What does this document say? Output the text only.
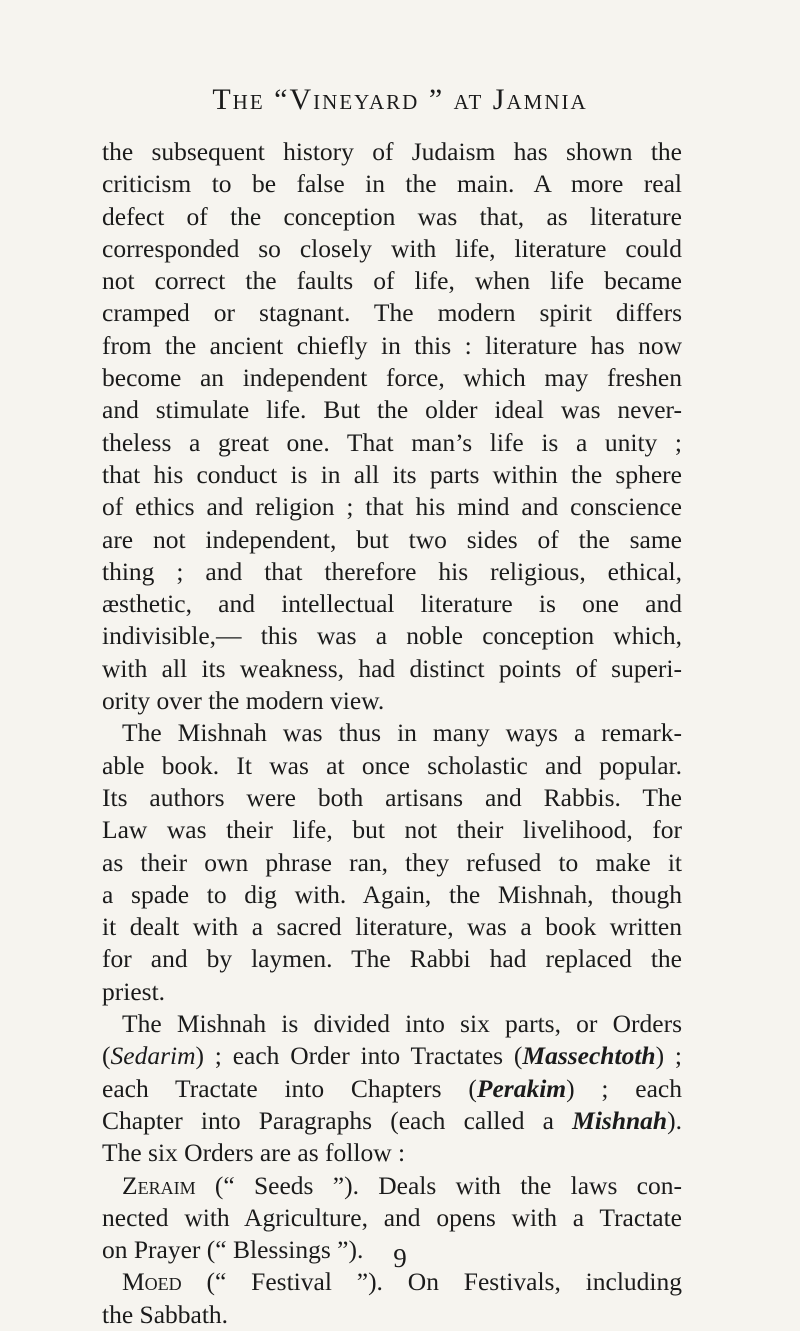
The “Vineyard ” at Jamnia
the subsequent history of Judaism has shown the
criticism to be false in the main. A more real
defect of the conception was that, as literature
corresponded so closely with life, literature could
not correct the faults of life, when life became
cramped or stagnant. The modern spirit differs
from the ancient chiefly in this : literature has now
become an independent force, which may freshen
and stimulate life. But the older ideal was never-
theless a great one. That man’s life is a unity ;
that his conduct is in all its parts within the sphere
of ethics and religion ; that his mind and conscience
are not independent, but two sides of the same
thing ; and that therefore his religious, ethical,
æsthetic, and intellectual literature is one and
indivisible,— this was a noble conception which,
with all its weakness, had distinct points of superi-
ority over the modern view.
The Mishnah was thus in many ways a remark-
able book. It was at once scholastic and popular.
Its authors were both artisans and Rabbis. The
Law was their life, but not their livelihood, for
as their own phrase ran, they refused to make it
a spade to dig with. Again, the Mishnah, though
it dealt with a sacred literature, was a book written
for and by laymen. The Rabbi had replaced the
priest.
The Mishnah is divided into six parts, or Orders
(Sedarim) ; each Order into Tractates (Massechtoth) ;
each Tractate into Chapters (Perakim) ; each
Chapter into Paragraphs (each called a Mishnah).
The six Orders are as follow :
Zeraim (“ Seeds ”). Deals with the laws con-
nected with Agriculture, and opens with a Tractate
on Prayer (“ Blessings ”).
Moed (“ Festival ”). On Festivals, including
the Sabbath.
9
